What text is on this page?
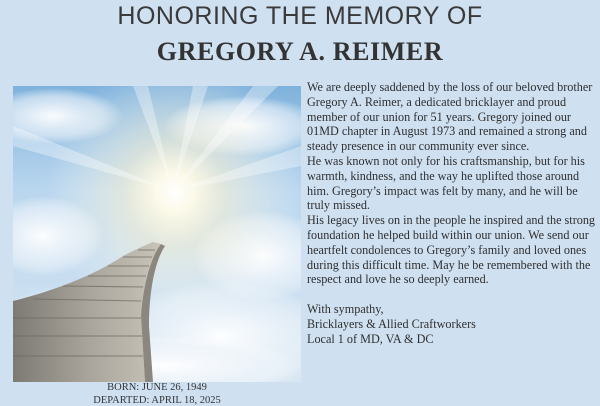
HONORING THE MEMORY OF
GREGORY A. REIMER
BORN: JUNE 26, 1949
DEPARTED: APRIL 18, 2025

We are deeply saddened by the loss of our beloved brother Gregory A. Reimer, a dedicated bricklayer and proud member of our union for 51 years. Gregory joined our 01MD chapter in August 1973 and remained a strong and steady presence in our community ever since.

He was known not only for his craftsmanship, but for his warmth, kindness, and the way he uplifted those around him. Gregory’s impact was felt by many, and he will be truly missed.

His legacy lives on in the people he inspired and the strong foundation he helped build within our union. We send our heartfelt condolences to Gregory’s family and loved ones during this difficult time. May he be remembered with the respect and love he so deeply earned.

With sympathy,

Bricklayers & Allied Craftworkers

Local 1 of MD, VA & DC
